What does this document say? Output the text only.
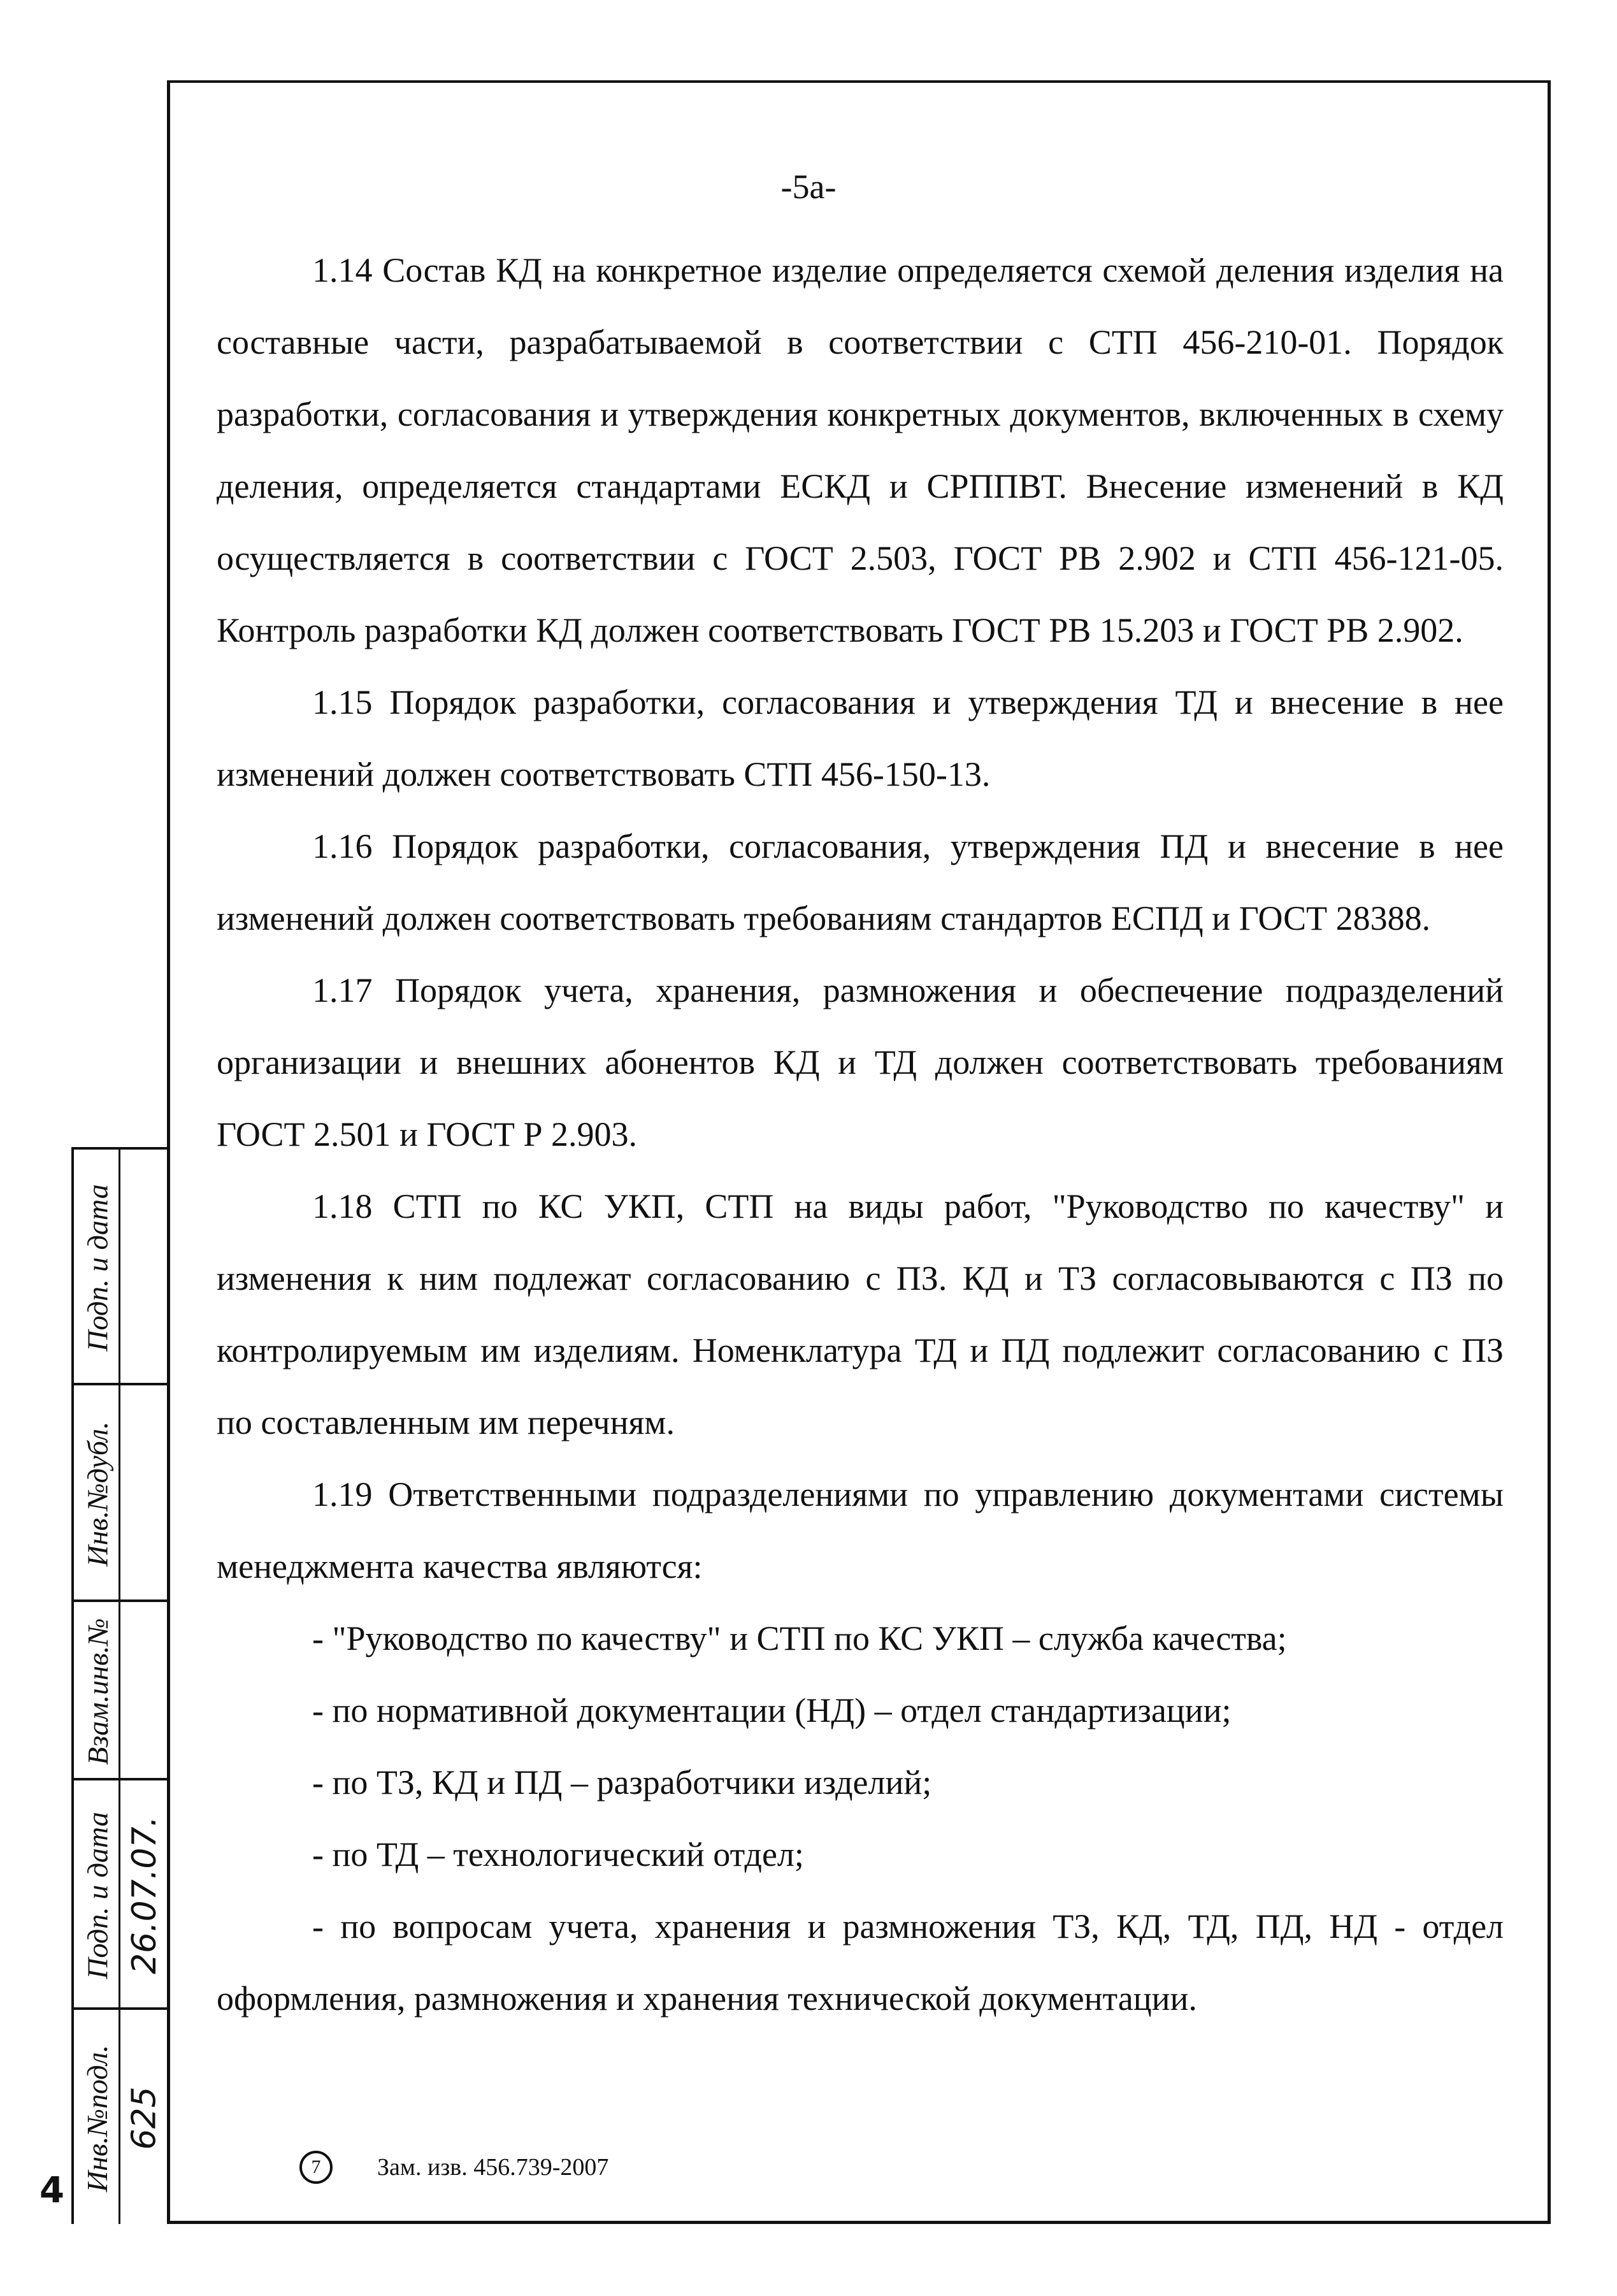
-5а-

1.14 Состав КД на конкретное изделие определяется схемой деления изделия на составные части, разрабатываемой в соответствии с СТП 456-210-01. Порядок разработки, согласования и утверждения конкретных документов, включенных в схему деления, определяется стандартами ЕСКД и СРППВТ. Внесение изменений в КД осуществляется в соответствии с ГОСТ 2.503, ГОСТ РВ 2.902 и СТП 456-121-05. Контроль разработки КД должен соответствовать ГОСТ РВ 15.203 и ГОСТ РВ 2.902.

1.15 Порядок разработки, согласования и утверждения ТД и внесение в нее изменений должен соответствовать СТП 456-150-13.

1.16 Порядок разработки, согласования, утверждения ПД и внесение в нее изменений должен соответствовать требованиям стандартов ЕСПД и ГОСТ 28388.

1.17 Порядок учета, хранения, размножения и обеспечение подразделений организации и внешних абонентов КД и ТД должен соответствовать требованиям ГОСТ 2.501 и ГОСТ Р 2.903.

1.18 СТП по КС УКП, СТП на виды работ, "Руководство по качеству" и изменения к ним подлежат согласованию с ПЗ. КД и ТЗ согласовываются с ПЗ по контролируемым им изделиям. Номенклатура ТД и ПД подлежит согласованию с ПЗ по составленным им перечням.

1.19 Ответственными подразделениями по управлению документами системы менеджмента качества являются:

- "Руководство по качеству" и СТП по КС УКП – служба качества;

- по нормативной документации (НД) – отдел стандартизации;

- по ТЗ, КД и ПД – разработчики изделий;

- по ТД – технологический отдел;

- по вопросам учета, хранения и размножения ТЗ, КД, ТД, ПД, НД - отдел оформления, размножения и хранения технической документации.

7	Зам. изв. 456.739-2007
Подп. и дата
Инв.№дубл.
Взам.инв.№
Подп. и дата 26.07.07.
Инв.№подл. 625
4
